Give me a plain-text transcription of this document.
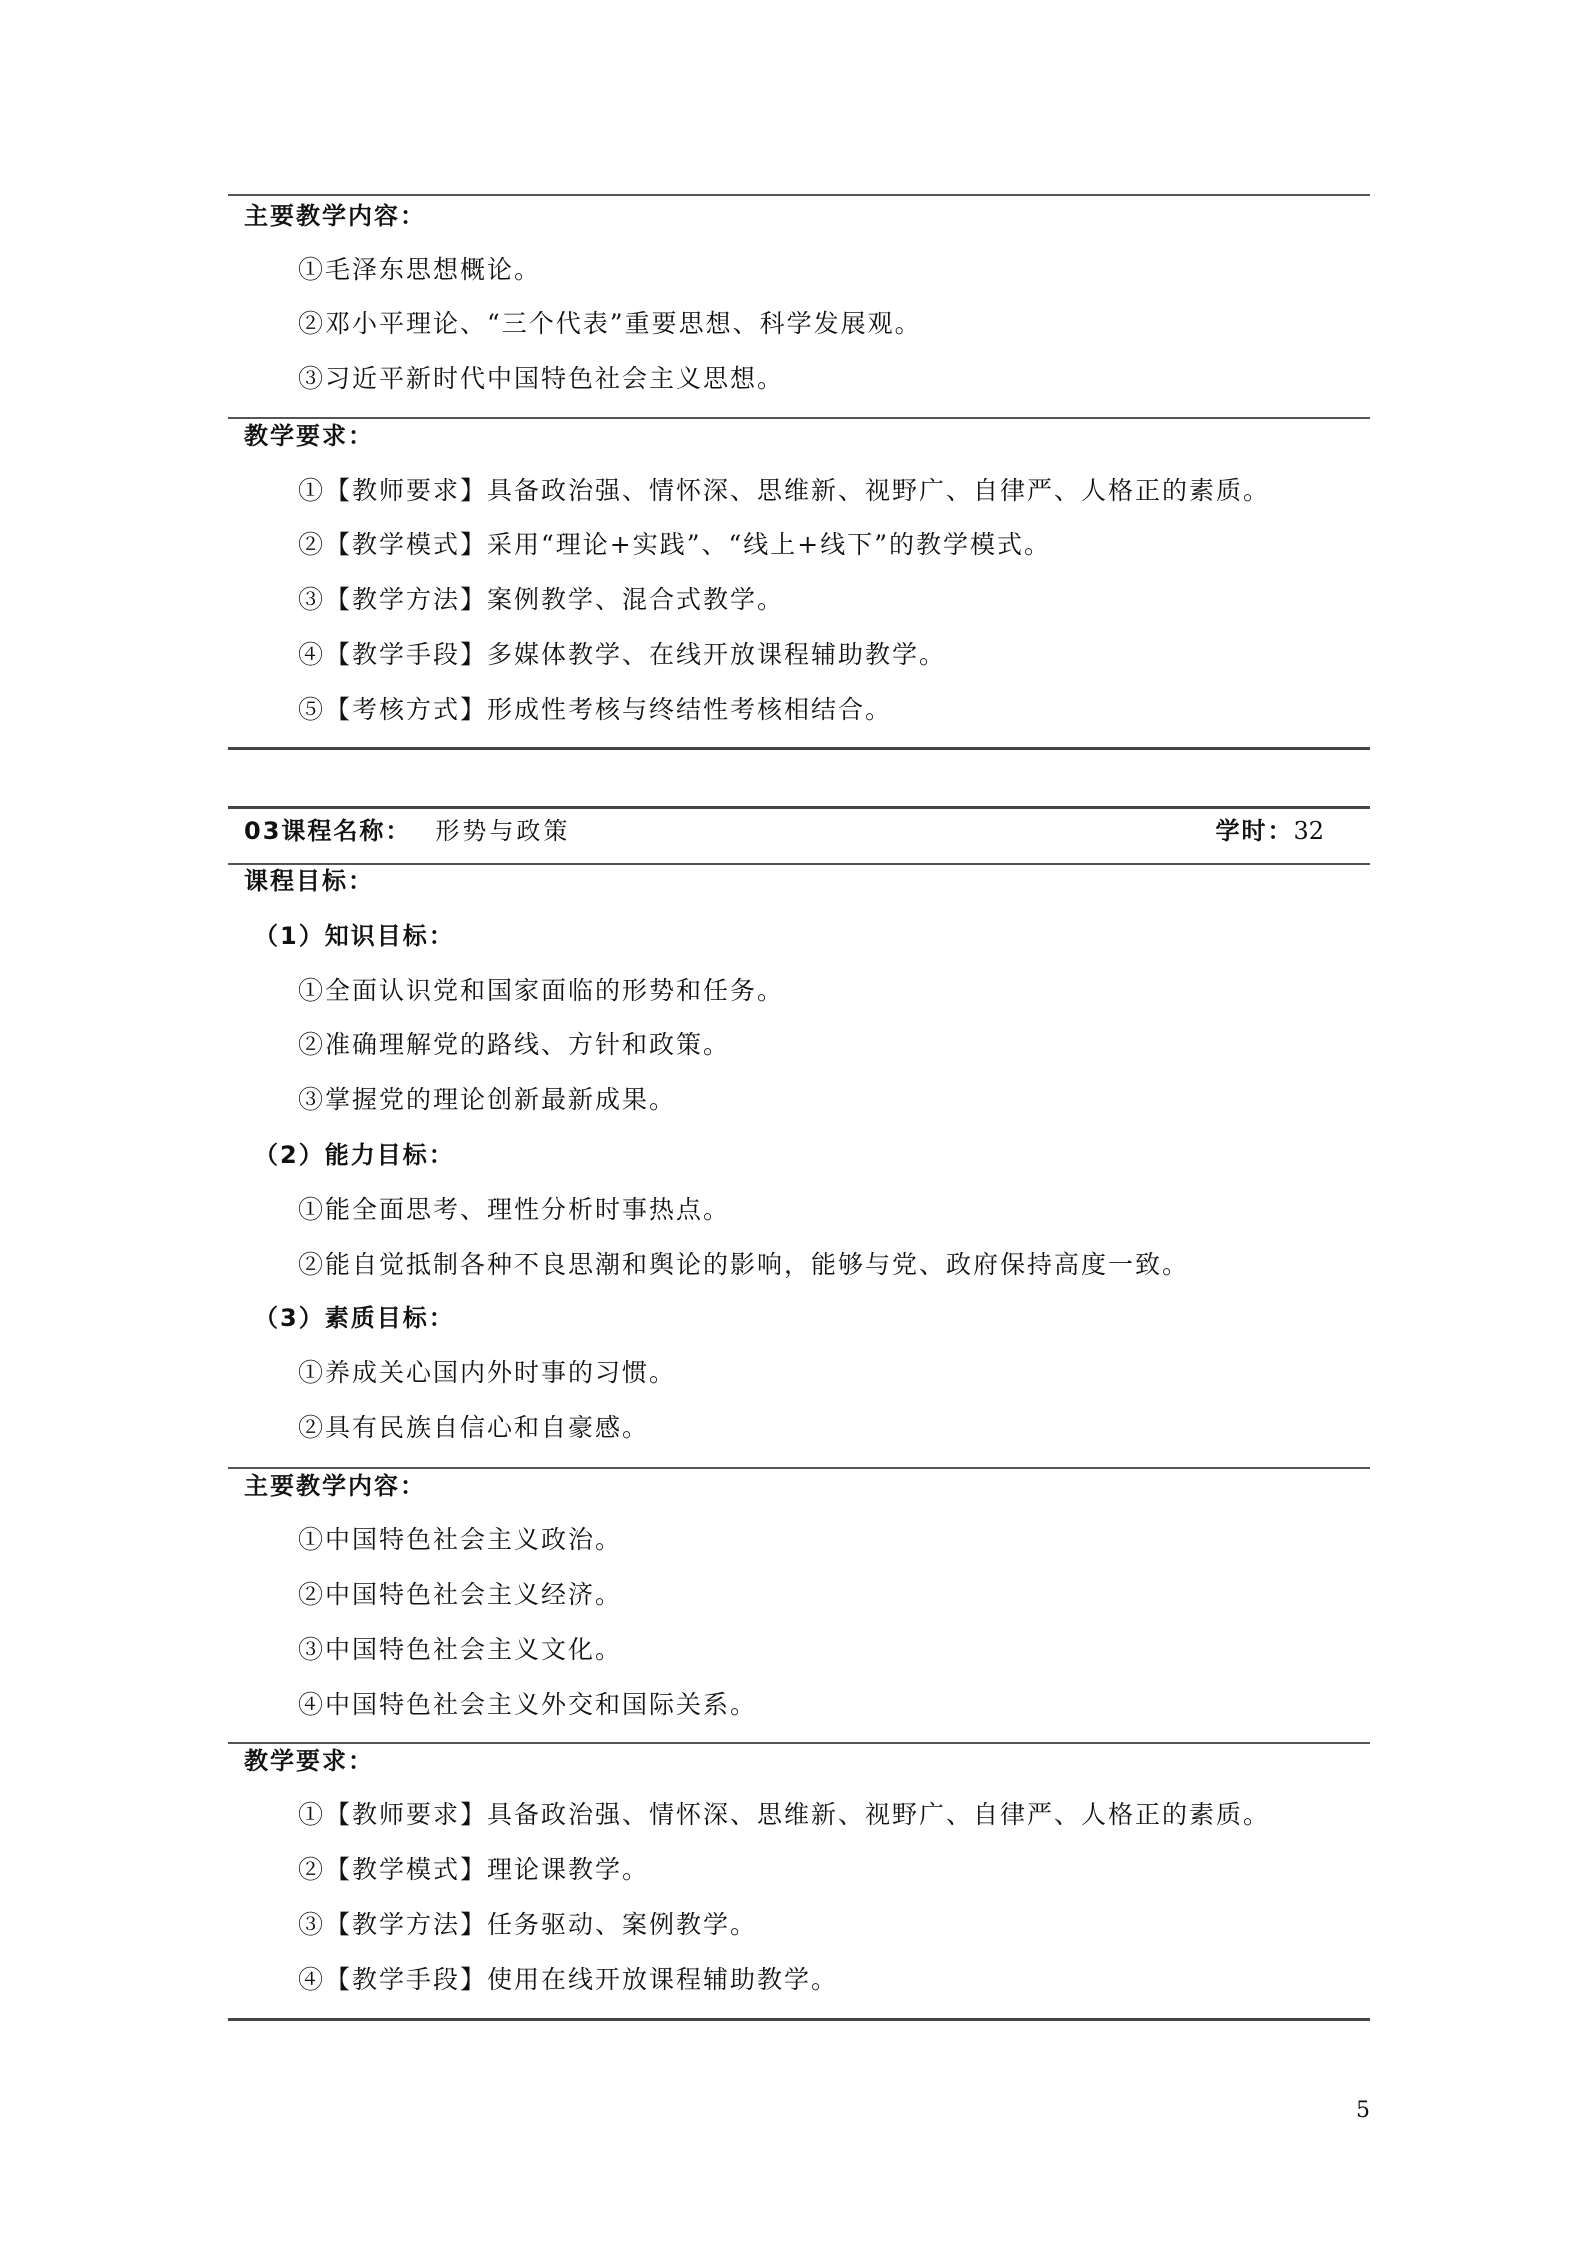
主要教学内容：
①毛泽东思想概论。
②邓小平理论、“三个代表”重要思想、科学发展观。
③习近平新时代中国特色社会主义思想。
教学要求：
①【教师要求】具备政治强、情怀深、思维新、视野广、自律严、人格正的素质。
②【教学模式】采用“理论+实践”、“线上+线下”的教学模式。
③【教学方法】案例教学、混合式教学。
④【教学手段】多媒体教学、在线开放课程辅助教学。
⑤【考核方式】形成性考核与终结性考核相结合。
03课程名称： 形势与政策	学时：32
课程目标：
（1）知识目标：
①全面认识党和国家面临的形势和任务。
②准确理解党的路线、方针和政策。
③掌握党的理论创新最新成果。
（2）能力目标：
①能全面思考、理性分析时事热点。
②能自觉抵制各种不良思潮和舆论的影响，能够与党、政府保持高度一致。
（3）素质目标：
①养成关心国内外时事的习惯。
②具有民族自信心和自豪感。
主要教学内容：
①中国特色社会主义政治。
②中国特色社会主义经济。
③中国特色社会主义文化。
④中国特色社会主义外交和国际关系。
教学要求：
①【教师要求】具备政治强、情怀深、思维新、视野广、自律严、人格正的素质。
②【教学模式】理论课教学。
③【教学方法】任务驱动、案例教学。
④【教学手段】使用在线开放课程辅助教学。
5
